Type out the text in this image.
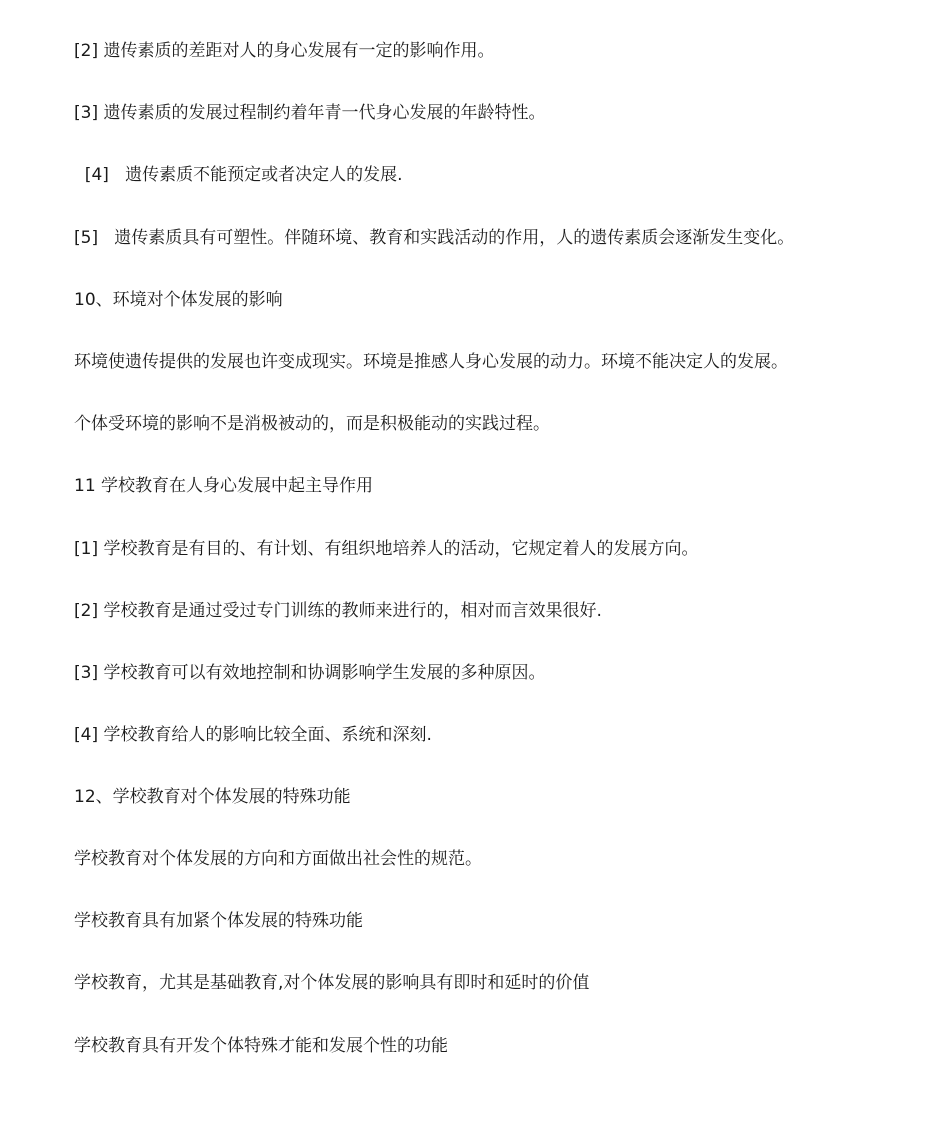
[2] 遗传素质的差距对人的身心发展有一定的影响作用。

[3] 遗传素质的发展过程制约着年青一代身心发展的年龄特性。

[4]   遗传素质不能预定或者决定人的发展.

[5]   遗传素质具有可塑性。伴随环境、教育和实践活动的作用，人的遗传素质会逐渐发生变化。

10、环境对个体发展的影响

环境使遗传提供的发展也许变成现实。环境是推感人身心发展的动力。环境不能决定人的发展。

个体受环境的影响不是消极被动的，而是积极能动的实践过程。

11 学校教育在人身心发展中起主导作用

[1] 学校教育是有目的、有计划、有组织地培养人的活动，它规定着人的发展方向。

[2] 学校教育是通过受过专门训练的教师来进行的，相对而言效果很好.

[3] 学校教育可以有效地控制和协调影响学生发展的多种原因。

[4] 学校教育给人的影响比较全面、系统和深刻.

12、学校教育对个体发展的特殊功能

学校教育对个体发展的方向和方面做出社会性的规范。

学校教育具有加紧个体发展的特殊功能

学校教育，尤其是基础教育,对个体发展的影响具有即时和延时的价值

学校教育具有开发个体特殊才能和发展个性的功能
